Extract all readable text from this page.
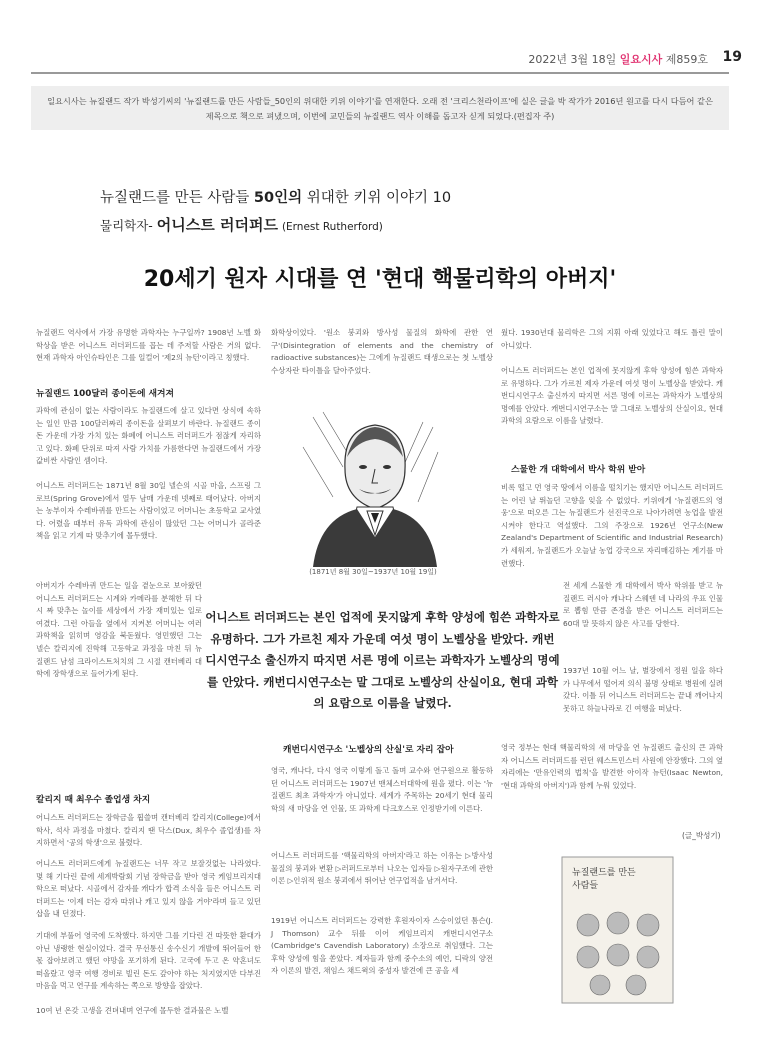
2022년 3월 18일 일요시사 제859호 19
일요시사는 뉴질랜드 작가 박성기씨의 '뉴질랜드를 만든 사람들_50인의 위대한 키위 이야기'를 연재한다. 오래 전 '크리스천라이프'에 실은 글을 박 작가가 2016년 원고를 다시 다듬어 같은 제목으로 책으로 펴냈으며, 이번에 교민들의 뉴질랜드 역사 이해를 돕고자 싣게 되었다.(편집자 주)
뉴질랜드를 만든 사람들 50인의 위대한 키위 이야기 10
물리학자- 어니스트 러더퍼드 (Ernest Rutherford)
20세기 원자 시대를 연 '현대 핵물리학의 아버지'
뉴질랜드 역사에서 가장 유명한 과학자는 누구일까? 1908년 노벨 화학상을 받은 어니스트 러더퍼드를 꼽는 데 주저할 사람은 거의 없다. 현재 과학자 아인슈타인은 그를 일컬어 '제2의 뉴턴'이라고 칭했다.
뉴질랜드 100달러 종이돈에 새겨져
과학에 관심이 없는 사람이라도 뉴질랜드에 살고 있다면 상식에 속하는 일인 만큼 100달러짜리 종이돈을 살펴보기 바란다. 뉴질랜드 종이돈 가운데 가장 가치 있는 화폐에 어니스트 러더퍼드가 점잖게 자리하고 있다. 화폐 단위로 따져 사람 가치를 가름한다면 뉴질랜드에서 가장 값비싼 사람인 셈이다.
어니스트 러더퍼드는 1871년 8월 30일 넬슨의 시골 마을, 스프링 그로브(Spring Grove)에서 열두 남매 가운데 넷째로 태어났다. 아버지는 농부이자 수레바퀴를 만드는 사람이었고 어머니는 초등학교 교사였다. 어렸을 때부터 유독 과학에 관심이 많았던 그는 어머니가 골라준 책을 읽고 기계 따 맞추기에 몰두했다.
아버지가 수레바퀴 만드는 일을 곁눈으로 보아왔던 어니스트 러더퍼드는 시계와 카메라를 분해한 뒤 다시 짜 맞추는 놀이를 세상에서 가장 재미있는 일로 여겼다. 그런 아들을 옆에서 지켜본 어머니는 여러 과학책을 읽히며 영감을 북돋웠다. 영민했던 그는 넬슨 칼리지에 진학해 고등학교 과정을 마친 뒤 뉴질랜드 남섬 크라이스트처치의 그 시절 캔터베리 대학에 장학생으로 들어가게 된다.
칼리지 때 최우수 졸업생 차지
어니스트 러더퍼드는 장학금을 휩쓸며 캔터베리 칼리지(College)에서 학사, 석사 과정을 마쳤다. 칼리지 땐 닥스(Dux, 최우수 졸업생)를 차지하면서 '공의 학생'으로 불렸다.
어니스트 러더퍼드에게 뉴질랜드는 너무 작고 보잘것없는 나라였다. 몇 해 기다린 끝에 세계박람회 기념 장학금을 받아 영국 케임브리지대학으로 떠났다. 시골에서 감자를 캐다가 합격 소식을 들은 어니스트 러더퍼드는 '이제 더는 감자 따위나 캐고 있지 않을 거야'라며 들고 있던 삽을 내 던졌다.
기대에 부풀어 영국에 도착했다. 하지만 그를 기다린 건 따뜻한 환대가 아닌 냉랭한 현실이었다. 결국 무선통신 송수신기 개발에 뛰어들어 한몫 잡아보려고 했던 야망을 포기하게 된다. 고국에 두고 온 약혼녀도 떠올랐고 영국 여행 경비로 빌린 돈도 갚아야 하는 처지였지만 다부진 마음을 먹고 연구를 계속하는 쪽으로 방향을 잡았다.
10여 년 온갖 고생을 견뎌내며 연구에 몰두한 결과물은 노벨
화학상이었다. '원소 붕괴와 방사성 물질의 화학에 관한 연구'(Disintegration of elements and the chemistry of radioactive substances)는 그에게 뉴질랜드 태생으로는 첫 노벨상 수상자란 타이틀을 달아주었다.
(1871년 8월 30일~1937년 10월 19일)
캐번디시연구소 '노벨상의 산실'로 자리 잡아
영국, 캐나다, 다시 영국 이렇게 돌고 돌며 교수와 연구원으로 활동하던 어니스트 러더퍼드는 1907년 맨체스터대학에 원을 폈다. 이는 '뉴질랜드 최초 과학자'가 아니었다. 세계가 주목하는 20세기 현대 물리학의 새 마당을 연 인물, 또 과학계 다크호스로 인정받기에 이른다.
어니스트 러더퍼드를 '핵물리학의 아버지'라고 하는 이유는 ▷방사성 물질의 붕괴와 변환 ▷러퍼드로부터 나오는 입자들 ▷원자구조에 관한 이론 ▷인위적 원소 붕괴에서 뛰어난 연구업적을 남겨서다.
1919년 어니스트 러더퍼드는 강력한 후원자이자 스승이었던 톰슨(J. J Thomson) 교수 뒤를 이어 케임브리지 캐번디시연구소(Cambridge's Cavendish Laboratory) 소장으로 취임했다. 그는 후학 양성에 힘을 쏟았다. 제자들과 함께 중수소의 예언, 디락의 양전자 이론의 발견, 채임스 채드윅의 중성자 발견에 큰 공을 세
웠다. 1930년대 물리학은 그의 지휘 아래 있었다고 해도 틀린 말이 아니었다.
어니스트 러더퍼드는 본인 업적에 못지않게 후학 양성에 힘쓴 과학자로 유명하다. 그가 가르친 제자 가운데 여섯 명이 노벨상을 받았다. 캐번디시연구소 출신까지 따지면 서른 명에 이르는 과학자가 노벨상의 명예를 안았다. 캐번디시연구소는 말 그대로 노벨상의 산실이요, 현대 과학의 요람으로 이름을 날렸다.
스물한 개 대학에서 박사 학위 받아
비록 떨고 먼 영국 땅에서 이름을 떨치기는 했지만 어니스트 러더퍼드는 어린 날 뛰놀던 고향을 잊을 수 없었다. 키위에게 '뉴질랜드의 영웅'으로 떠오른 그는 뉴질랜드가 선진국으로 나아가려면 농업을 발전시켜야 한다고 역설했다. 그의 주장으로 1926년 연구소(New Zealand's Department of Scientific and Industrial Research)가 세워져, 뉴질랜드가 오늘날 농업 강국으로 자리매김하는 계기를 마련했다.
전 세계 스물한 개 대학에서 박사 학위를 받고 뉴질랜드 러시아 캐나다 스웨덴 네 나라의 우표 인물로 뽑힘 만큼 존경을 받은 어니스트 러더퍼드는 60대 말 뜻하지 않은 사고를 당한다.
1937년 10월 어느 날, 별장에서 정원 일을 하다가 나무에서 떨어져 의식 불명 상태로 병원에 실려 갔다. 이틀 뒤 어니스트 러더퍼드는 끝내 깨어나지 못하고 하늘나라로 긴 여행을 떠났다.
영국 정부는 현대 핵물리학의 새 마당을 연 뉴질랜드 출신의 큰 과학자 어니스트 러더퍼드를 런던 웨스트민스터 사원에 안장했다. 그의 옆자리에는 '만유인력의 법칙'을 발견한 아이작 뉴턴(Isaac Newton, '현대 과학의 아버지')과 함께 누워 있었다.
(글_박성기)
어니스트 러더퍼드는 본인 업적에 못지않게 후학 양성에 힘쓴 과학자로 유명하다. 그가 가르친 제자 가운데 여섯 명이 노벨상을 받았다. 캐번디시연구소 출신까지 따지면 서른 명에 이르는 과학자가 노벨상의 명예를 안았다. 캐번디시연구소는 말 그대로 노벨상의 산실이요, 현대 과학의 요람으로 이름을 날렸다.
뉴질랜드를 만든
사람들
